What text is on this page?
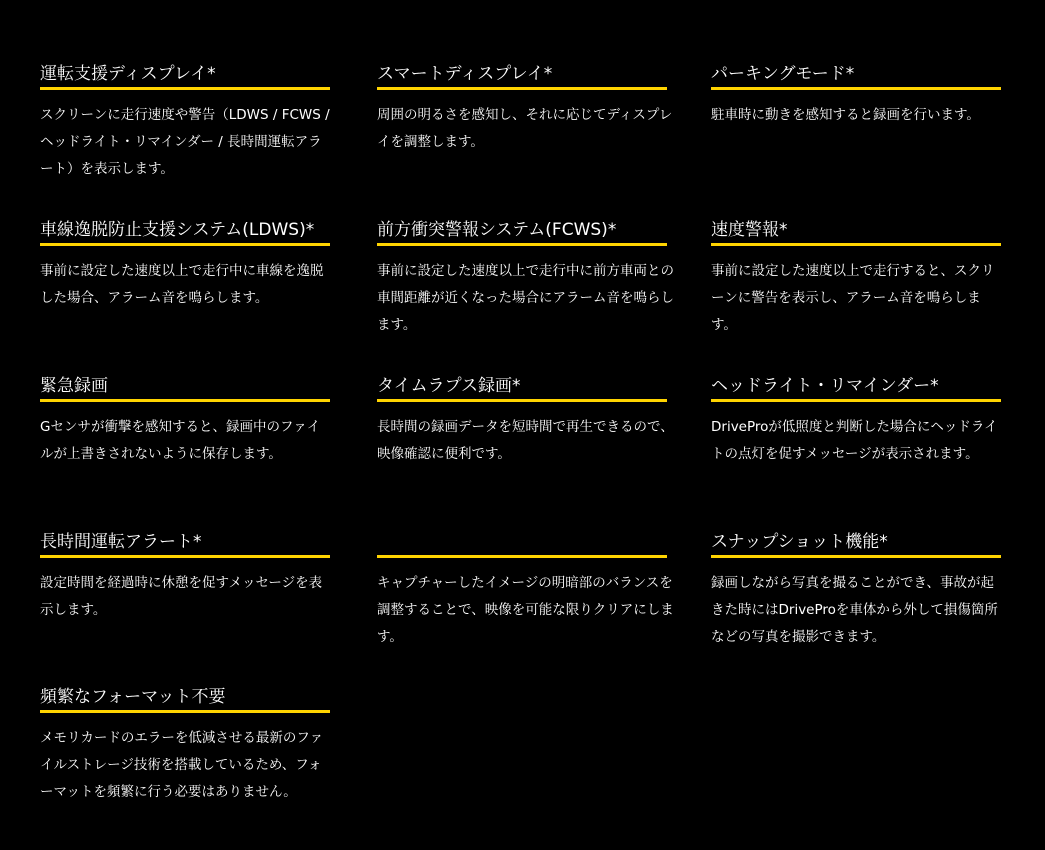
運転支援ディスプレイ*

スクリーンに走行速度や警告（LDWS / FCWS / ヘッドライト・リマインダー / 長時間運転アラート）を表示します。

スマートディスプレイ*

周囲の明るさを感知し、それに応じてディスプレイを調整します。

パーキングモード*

駐車時に動きを感知すると録画を行います。

車線逸脱防止支援システム(LDWS)*

事前に設定した速度以上で走行中に車線を逸脱した場合、アラーム音を鳴らします。

前方衝突警報システム(FCWS)*

事前に設定した速度以上で走行中に前方車両との車間距離が近くなった場合にアラーム音を鳴らします。

速度警報*

事前に設定した速度以上で走行すると、スクリーンに警告を表示し、アラーム音を鳴らします。

緊急録画

Gセンサが衝撃を感知すると、録画中のファイルが上書きされないように保存します。

タイムラプス録画*

長時間の録画データを短時間で再生できるので、映像確認に便利です。

ヘッドライト・リマインダー*

DriveProが低照度と判断した場合にヘッドライトの点灯を促すメッセージが表示されます。

長時間運転アラート*

設定時間を経過時に休憩を促すメッセージを表示します。

キャプチャーしたイメージの明暗部のバランスを調整することで、映像を可能な限りクリアにします。

スナップショット機能*

録画しながら写真を撮ることができ、事故が起きた時にはDriveProを車体から外して損傷箇所などの写真を撮影できます。

頻繁なフォーマット不要

メモリカードのエラーを低減させる最新のファイルストレージ技術を搭載しているため、フォーマットを頻繁に行う必要はありません。
